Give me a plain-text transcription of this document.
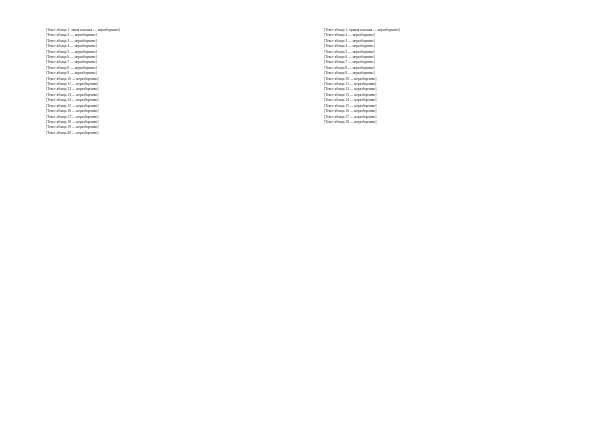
[Текст абзаца 1, левая колонка — неразборчиво]

[Текст абзаца 2 — неразборчиво]

[Текст абзаца 3 — неразборчиво]

[Текст абзаца 4 — неразборчиво]

[Текст абзаца 5 — неразборчиво]

[Текст абзаца 6 — неразборчиво]

[Текст абзаца 7 — неразборчиво]

[Текст абзаца 8 — неразборчиво]

[Текст абзаца 9 — неразборчиво]

[Текст абзаца 10 — неразборчиво]

[Текст абзаца 11 — неразборчиво]

[Текст абзаца 12 — неразборчиво]

[Текст абзаца 13 — неразборчиво]

[Текст абзаца 14 — неразборчиво]

[Текст абзаца 15 — неразборчиво]

[Текст абзаца 16 — неразборчиво]

[Текст абзаца 17 — неразборчиво]

[Текст абзаца 18 — неразборчиво]

[Текст абзаца 19 — неразборчиво]

[Текст абзаца 20 — неразборчиво]

[Текст абзаца 1, правая колонка — неразборчиво]

[Текст абзаца 2 — неразборчиво]

[Текст абзаца 3 — неразборчиво]

[Текст абзаца 4 — неразборчиво]

[Текст абзаца 5 — неразборчиво]

[Текст абзаца 6 — неразборчиво]

[Текст абзаца 7 — неразборчиво]

[Текст абзаца 8 — неразборчиво]

[Текст абзаца 9 — неразборчиво]

[Текст абзаца 10 — неразборчиво]

[Текст абзаца 11 — неразборчиво]

[Текст абзаца 12 — неразборчиво]

[Текст абзаца 13 — неразборчиво]

[Текст абзаца 14 — неразборчиво]

[Текст абзаца 15 — неразборчиво]

[Текст абзаца 16 — неразборчиво]

[Текст абзаца 17 — неразборчиво]

[Текст абзаца 18 — неразборчиво]
